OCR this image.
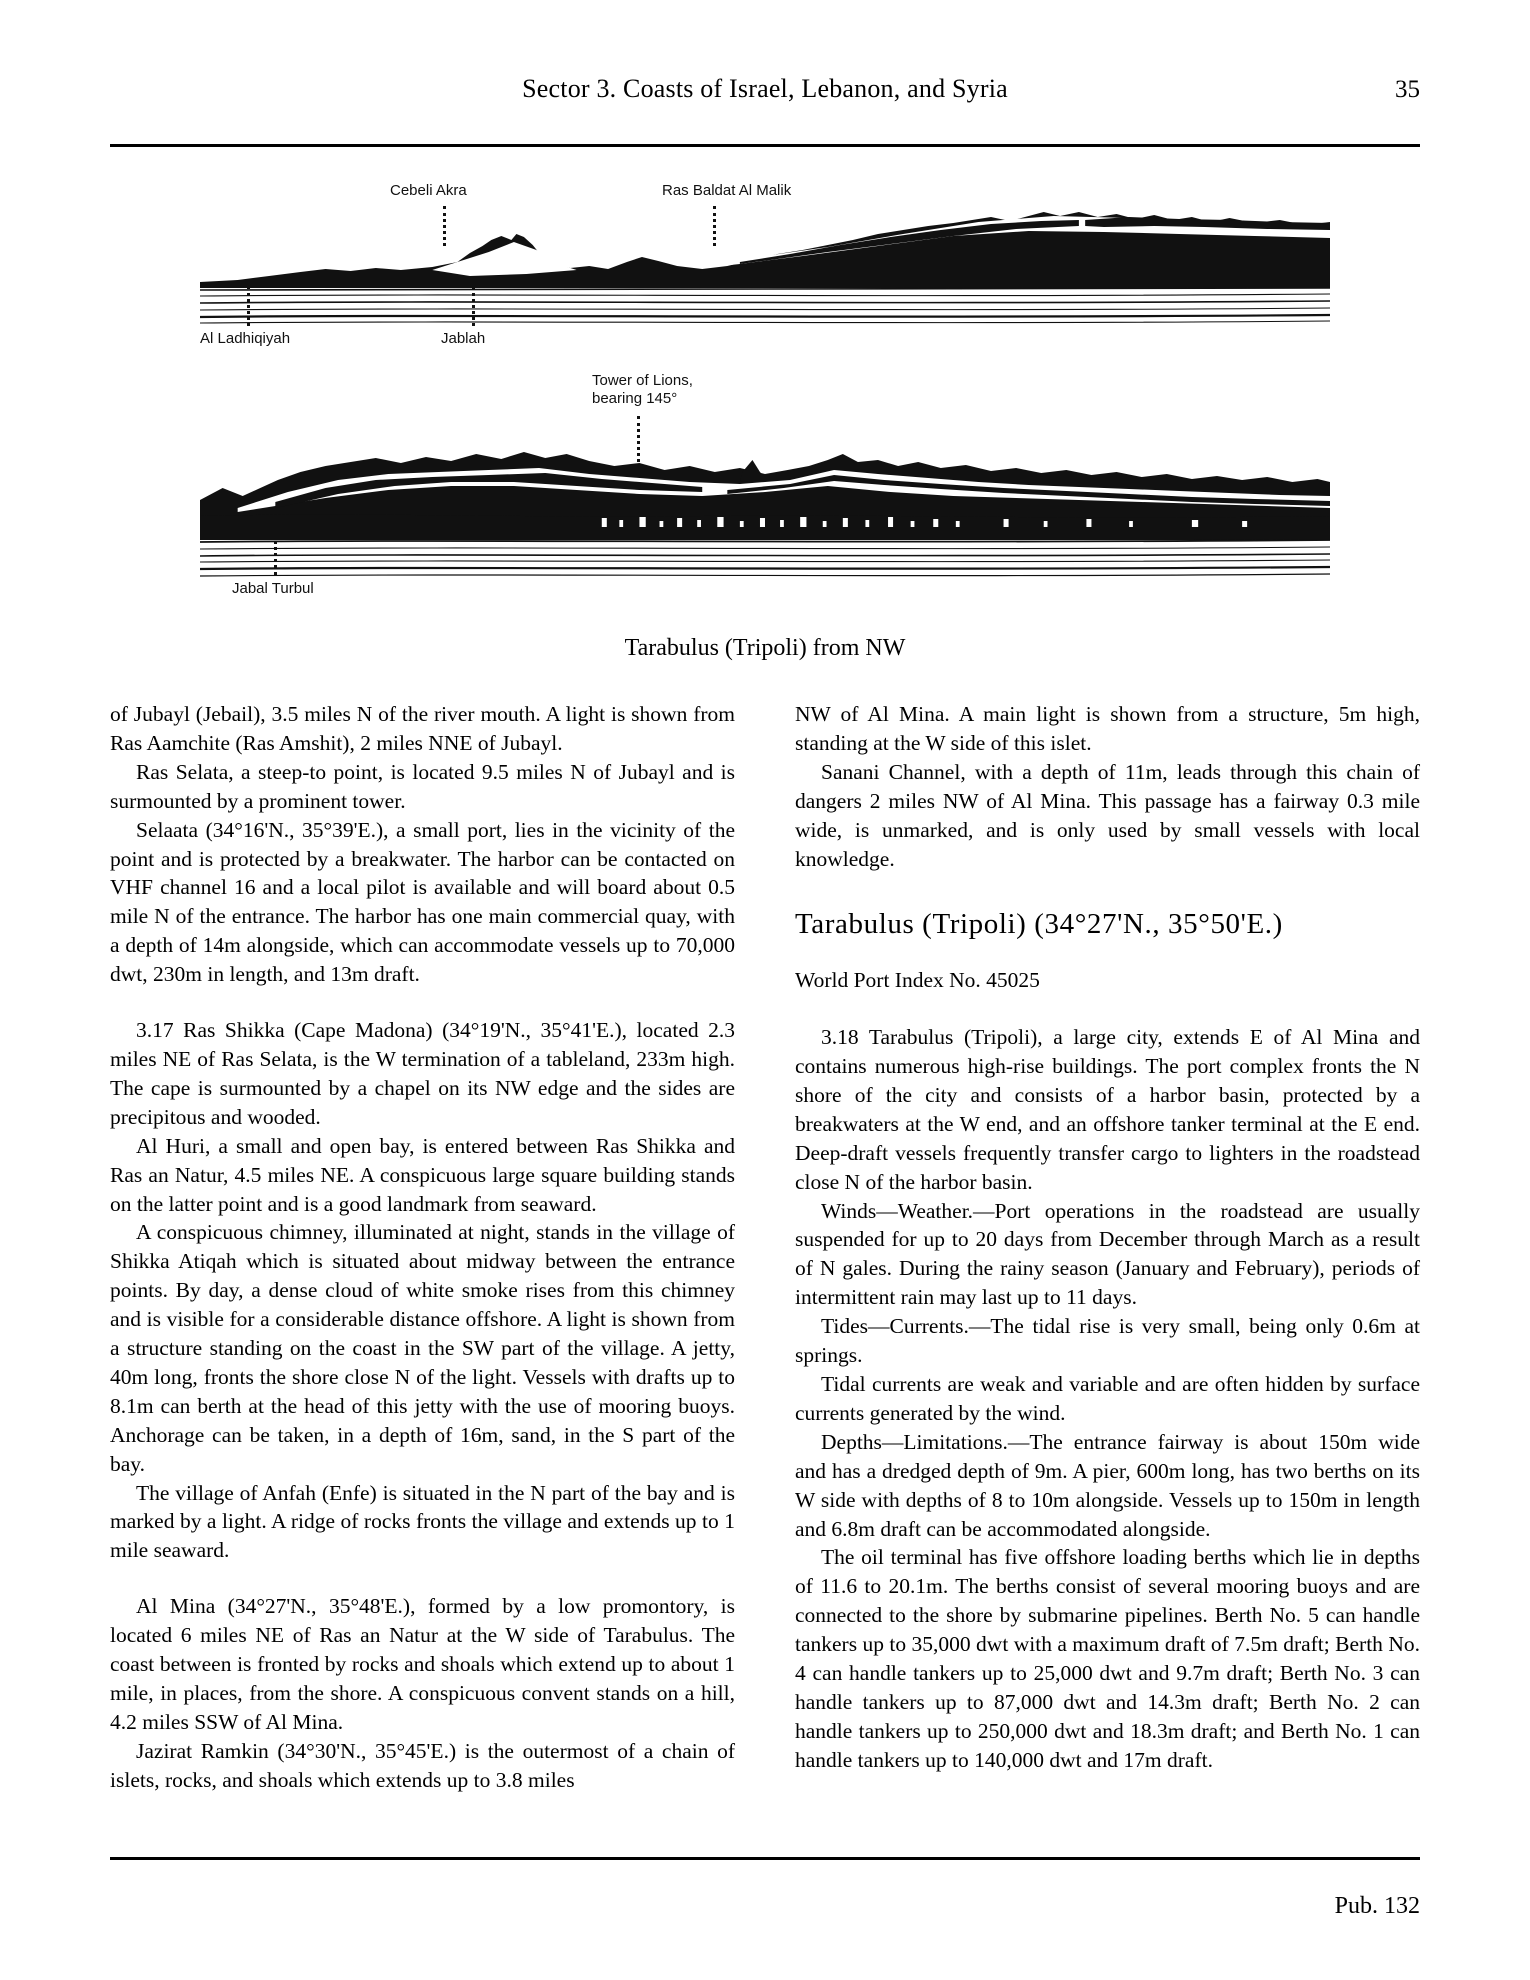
Sector 3. Coasts of Israel, Lebanon, and Syria	35
Cebeli Akra	Ras Baldat Al Malik
Al Ladhiqiyah	Jablah
Tower of Lions,
bearing 145°
Jabal Turbul
Tarabulus (Tripoli) from NW

of Jubayl (Jebail), 3.5 miles N of the river mouth. A light is shown from Ras Aamchite (Ras Amshit), 2 miles NNE of Jubayl.

Ras Selata, a steep-to point, is located 9.5 miles N of Jubayl and is surmounted by a prominent tower.

Selaata (34°16'N., 35°39'E.), a small port, lies in the vicinity of the point and is protected by a breakwater. The harbor can be contacted on VHF channel 16 and a local pilot is available and will board about 0.5 mile N of the entrance. The harbor has one main commercial quay, with a depth of 14m alongside, which can accommodate vessels up to 70,000 dwt, 230m in length, and 13m draft.

3.17 Ras Shikka (Cape Madona) (34°19'N., 35°41'E.), located 2.3 miles NE of Ras Selata, is the W termination of a tableland, 233m high. The cape is surmounted by a chapel on its NW edge and the sides are precipitous and wooded.

Al Huri, a small and open bay, is entered between Ras Shikka and Ras an Natur, 4.5 miles NE. A conspicuous large square building stands on the latter point and is a good landmark from seaward.

A conspicuous chimney, illuminated at night, stands in the village of Shikka Atiqah which is situated about midway between the entrance points. By day, a dense cloud of white smoke rises from this chimney and is visible for a considerable distance offshore. A light is shown from a structure standing on the coast in the SW part of the village. A jetty, 40m long, fronts the shore close N of the light. Vessels with drafts up to 8.1m can berth at the head of this jetty with the use of mooring buoys. Anchorage can be taken, in a depth of 16m, sand, in the S part of the bay.

The village of Anfah (Enfe) is situated in the N part of the bay and is marked by a light. A ridge of rocks fronts the village and extends up to 1 mile seaward.

Al Mina (34°27'N., 35°48'E.), formed by a low promontory, is located 6 miles NE of Ras an Natur at the W side of Tarabulus. The coast between is fronted by rocks and shoals which extend up to about 1 mile, in places, from the shore. A conspicuous convent stands on a hill, 4.2 miles SSW of Al Mina.

Jazirat Ramkin (34°30'N., 35°45'E.) is the outermost of a chain of islets, rocks, and shoals which extends up to 3.8 miles

NW of Al Mina. A main light is shown from a structure, 5m high, standing at the W side of this islet.

Sanani Channel, with a depth of 11m, leads through this chain of dangers 2 miles NW of Al Mina. This passage has a fairway 0.3 mile wide, is unmarked, and is only used by small vessels with local knowledge.

Tarabulus (Tripoli) (34°27'N., 35°50'E.)

World Port Index No. 45025

3.18 Tarabulus (Tripoli), a large city, extends E of Al Mina and contains numerous high-rise buildings. The port complex fronts the N shore of the city and consists of a harbor basin, protected by a breakwaters at the W end, and an offshore tanker terminal at the E end. Deep-draft vessels frequently transfer cargo to lighters in the roadstead close N of the harbor basin.

Winds—Weather.—Port operations in the roadstead are usually suspended for up to 20 days from December through March as a result of N gales. During the rainy season (January and February), periods of intermittent rain may last up to 11 days.

Tides—Currents.—The tidal rise is very small, being only 0.6m at springs.

Tidal currents are weak and variable and are often hidden by surface currents generated by the wind.

Depths—Limitations.—The entrance fairway is about 150m wide and has a dredged depth of 9m. A pier, 600m long, has two berths on its W side with depths of 8 to 10m alongside. Vessels up to 150m in length and 6.8m draft can be accommodated alongside.

The oil terminal has five offshore loading berths which lie in depths of 11.6 to 20.1m. The berths consist of several mooring buoys and are connected to the shore by submarine pipelines. Berth No. 5 can handle tankers up to 35,000 dwt with a maximum draft of 7.5m draft; Berth No. 4 can handle tankers up to 25,000 dwt and 9.7m draft; Berth No. 3 can handle tankers up to 87,000 dwt and 14.3m draft; Berth No. 2 can handle tankers up to 250,000 dwt and 18.3m draft; and Berth No. 1 can handle tankers up to 140,000 dwt and 17m draft.

Pub. 132
